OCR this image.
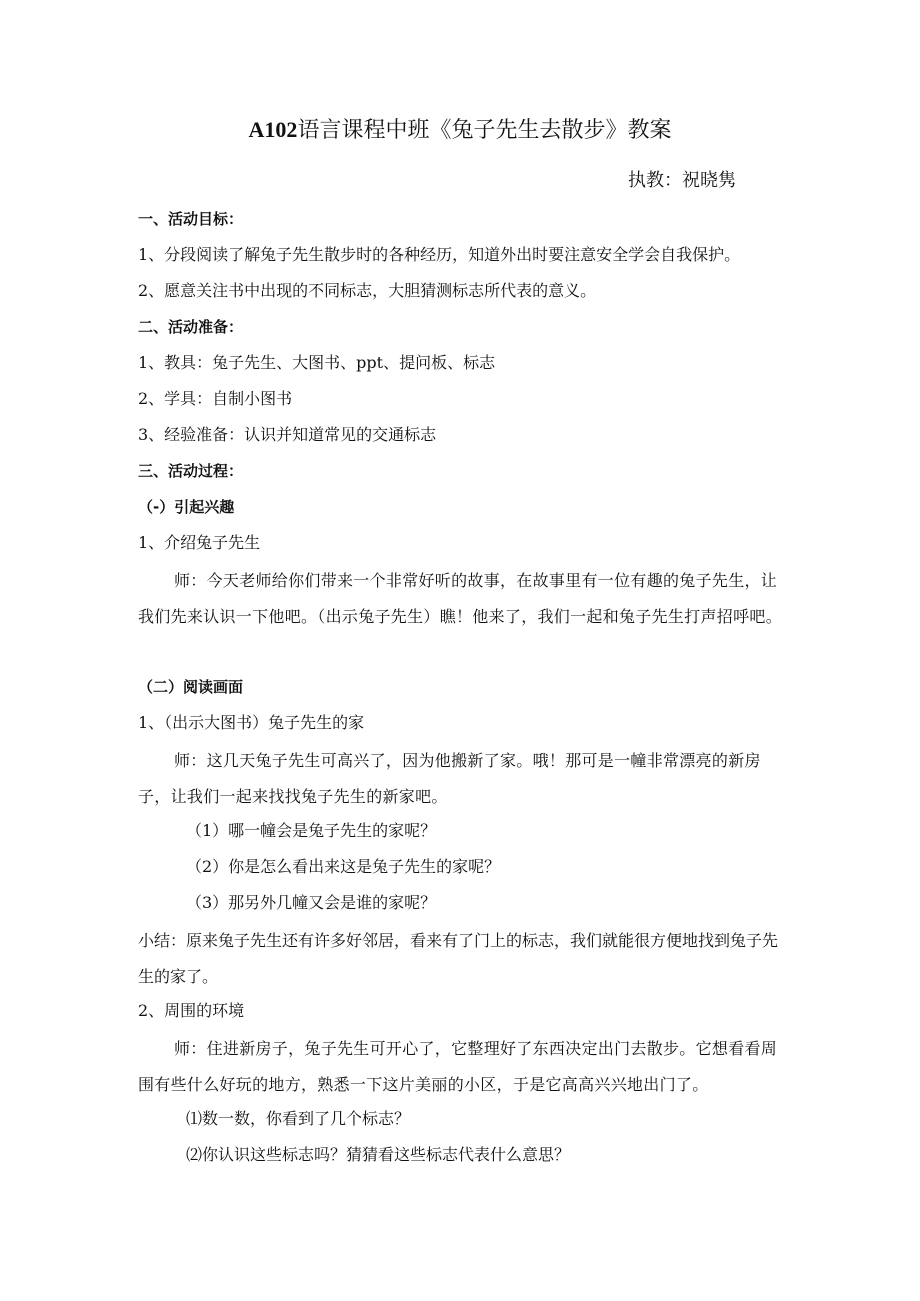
A102语言课程中班《兔子先生去散步》教案
执教：祝晓隽
一、活动目标：
1、分段阅读了解兔子先生散步时的各种经历，知道外出时要注意安全学会自我保护。
2、愿意关注书中出现的不同标志，大胆猜测标志所代表的意义。
二、活动准备：
1、教具：兔子先生、大图书、ppt、提问板、标志
2、学具：自制小图书
3、经验准备：认识并知道常见的交通标志
三、活动过程：
（-）引起兴趣
1、介绍兔子先生
师：今天老师给你们带来一个非常好听的故事，在故事里有一位有趣的兔子先生，让我们先来认识一下他吧。（出示兔子先生）瞧！他来了，我们一起和兔子先生打声招呼吧。
（二）阅读画面
1、（出示大图书）兔子先生的家
师：这几天兔子先生可高兴了，因为他搬新了家。哦！那可是一幢非常漂亮的新房子，让我们一起来找找兔子先生的新家吧。
（1）哪一幢会是兔子先生的家呢？
（2）你是怎么看出来这是兔子先生的家呢？
（3）那另外几幢又会是谁的家呢？
小结：原来兔子先生还有许多好邻居，看来有了门上的标志，我们就能很方便地找到兔子先生的家了。
2、周围的环境
师：住进新房子，兔子先生可开心了，它整理好了东西决定出门去散步。它想看看周围有些什么好玩的地方，熟悉一下这片美丽的小区，于是它高高兴兴地出门了。
⑴数一数，你看到了几个标志？
⑵你认识这些标志吗？猜猜看这些标志代表什么意思？
